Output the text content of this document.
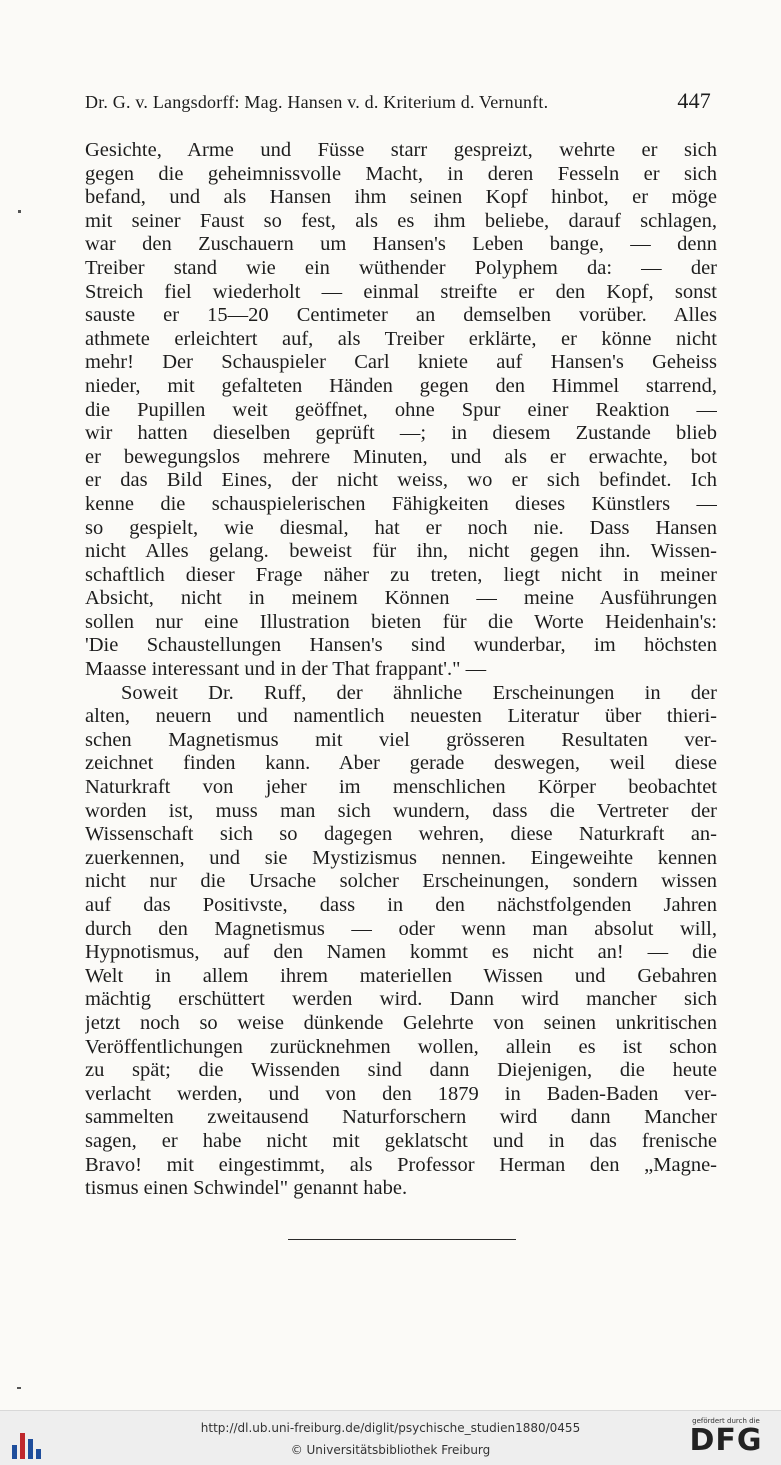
Dr. G. v. Langsdorff: Mag. Hansen v. d. Kriterium d. Vernunft.	447
Gesichte, Arme und Füsse starr gespreizt, wehrte er sich
gegen die geheimnissvolle Macht, in deren Fesseln er sich
befand, und als Hansen ihm seinen Kopf hinbot, er möge
mit seiner Faust so fest, als es ihm beliebe, darauf schlagen,
war den Zuschauern um Hansen's Leben bange, — denn
Treiber stand wie ein wüthender Polyphem da: — der
Streich fiel wiederholt — einmal streifte er den Kopf, sonst
sauste er 15—20 Centimeter an demselben vorüber. Alles
athmete erleichtert auf, als Treiber erklärte, er könne nicht
mehr! Der Schauspieler Carl kniete auf Hansen's Geheiss
nieder, mit gefalteten Händen gegen den Himmel starrend,
die Pupillen weit geöffnet, ohne Spur einer Reaktion —
wir hatten dieselben geprüft —; in diesem Zustande blieb
er bewegungslos mehrere Minuten, und als er erwachte, bot
er das Bild Eines, der nicht weiss, wo er sich befindet. Ich
kenne die schauspielerischen Fähigkeiten dieses Künstlers —
so gespielt, wie diesmal, hat er noch nie. Dass Hansen
nicht Alles gelang. beweist für ihn, nicht gegen ihn. Wissen-
schaftlich dieser Frage näher zu treten, liegt nicht in meiner
Absicht, nicht in meinem Können — meine Ausführungen
sollen nur eine Illustration bieten für die Worte Heidenhain's:
'Die Schaustellungen Hansen's sind wunderbar, im höchsten
Maasse interessant und in der That frappant'." —
Soweit Dr. Ruff, der ähnliche Erscheinungen in der
alten, neuern und namentlich neuesten Literatur über thieri-
schen Magnetismus mit viel grösseren Resultaten ver-
zeichnet finden kann. Aber gerade deswegen, weil diese
Naturkraft von jeher im menschlichen Körper beobachtet
worden ist, muss man sich wundern, dass die Vertreter der
Wissenschaft sich so dagegen wehren, diese Naturkraft an-
zuerkennen, und sie Mystizismus nennen. Eingeweihte kennen
nicht nur die Ursache solcher Erscheinungen, sondern wissen
auf das Positivste, dass in den nächstfolgenden Jahren
durch den Magnetismus — oder wenn man absolut will,
Hypnotismus, auf den Namen kommt es nicht an! — die
Welt in allem ihrem materiellen Wissen und Gebahren
mächtig erschüttert werden wird. Dann wird mancher sich
jetzt noch so weise dünkende Gelehrte von seinen unkritischen
Veröffentlichungen zurücknehmen wollen, allein es ist schon
zu spät; die Wissenden sind dann Diejenigen, die heute
verlacht werden, und von den 1879 in Baden-Baden ver-
sammelten zweitausend Naturforschern wird dann Mancher
sagen, er habe nicht mit geklatscht und in das frenische
Bravo! mit eingestimmt, als Professor Herman den „Magne-
tismus einen Schwindel" genannt habe.
http://dl.ub.uni-freiburg.de/diglit/psychische_studien1880/0455
© Universitätsbibliothek Freiburg
gefördert durch die
DFG
